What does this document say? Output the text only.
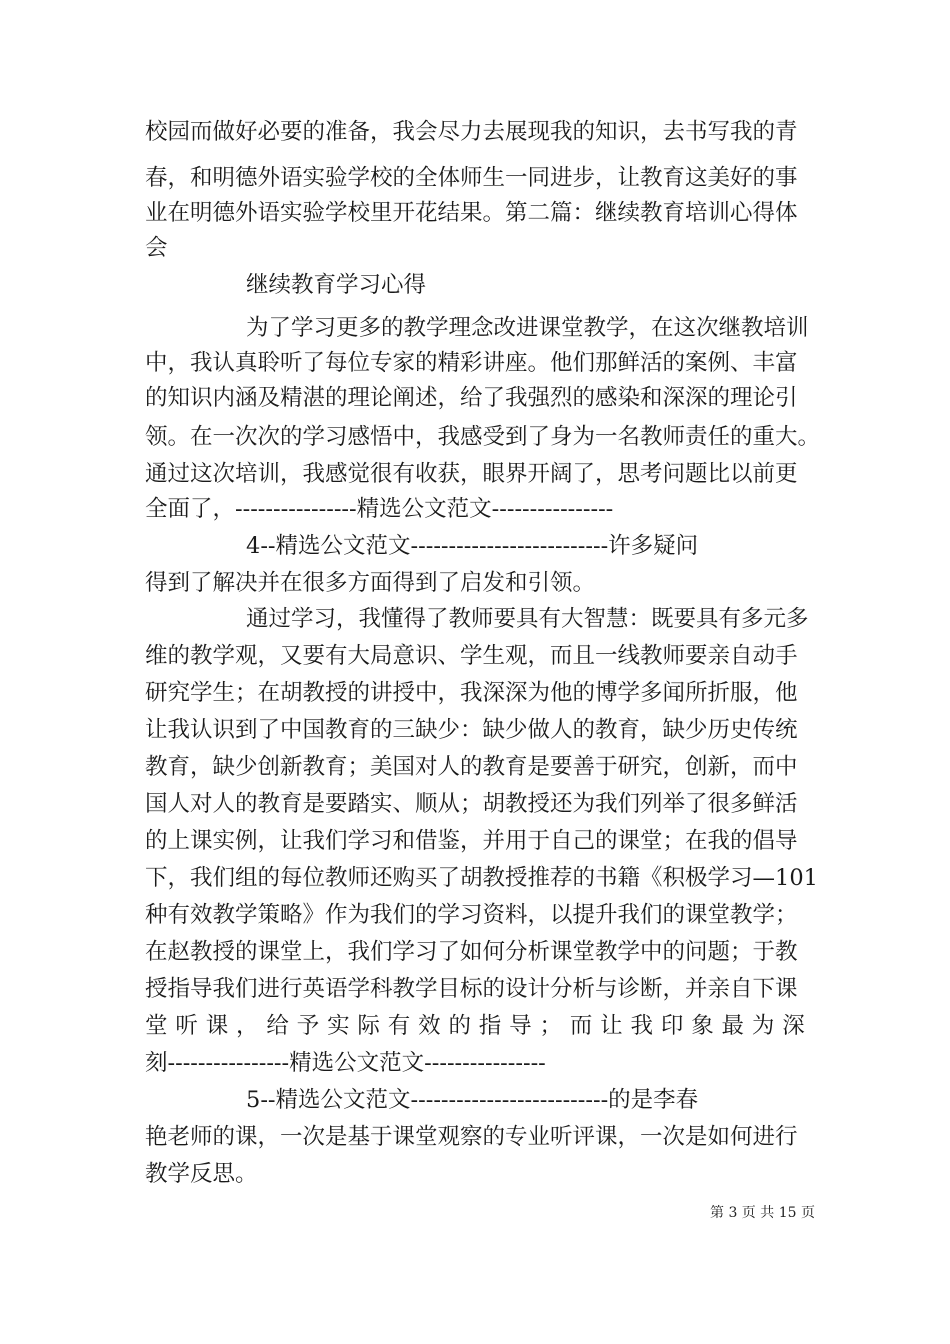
校园而做好必要的准备，我会尽力去展现我的知识，去书写我的青
春，和明德外语实验学校的全体师生一同进步，让教育这美好的事
业在明德外语实验学校里开花结果。第二篇：继续教育培训心得体
会
继续教育学习心得
为了学习更多的教学理念改进课堂教学，在这次继教培训
中，我认真聆听了每位专家的精彩讲座。他们那鲜活的案例、丰富
的知识内涵及精湛的理论阐述，给了我强烈的感染和深深的理论引
领。在一次次的学习感悟中，我感受到了身为一名教师责任的重大。
通过这次培训，我感觉很有收获，眼界开阔了，思考问题比以前更
全面了，----------------精选公文范文----------------
4--精选公文范文--------------------------许多疑问
得到了解决并在很多方面得到了启发和引领。
通过学习，我懂得了教师要具有大智慧：既要具有多元多
维的教学观，又要有大局意识、学生观，而且一线教师要亲自动手
研究学生；在胡教授的讲授中，我深深为他的博学多闻所折服，他
让我认识到了中国教育的三缺少：缺少做人的教育，缺少历史传统
教育，缺少创新教育；美国对人的教育是要善于研究，创新，而中
国人对人的教育是要踏实、顺从；胡教授还为我们列举了很多鲜活
的上课实例，让我们学习和借鉴，并用于自己的课堂；在我的倡导
下，我们组的每位教师还购买了胡教授推荐的书籍《积极学习—101
种有效教学策略》作为我们的学习资料，以提升我们的课堂教学；
在赵教授的课堂上，我们学习了如何分析课堂教学中的问题；于教
授指导我们进行英语学科教学目标的设计分析与诊断，并亲自下课
堂 听 课 ， 给 予 实 际 有 效 的 指 导 ； 而 让 我 印 象 最 为 深
刻----------------精选公文范文----------------
5--精选公文范文--------------------------的是李春
艳老师的课，一次是基于课堂观察的专业听评课，一次是如何进行
教学反思。
第 3 页 共 15 页
